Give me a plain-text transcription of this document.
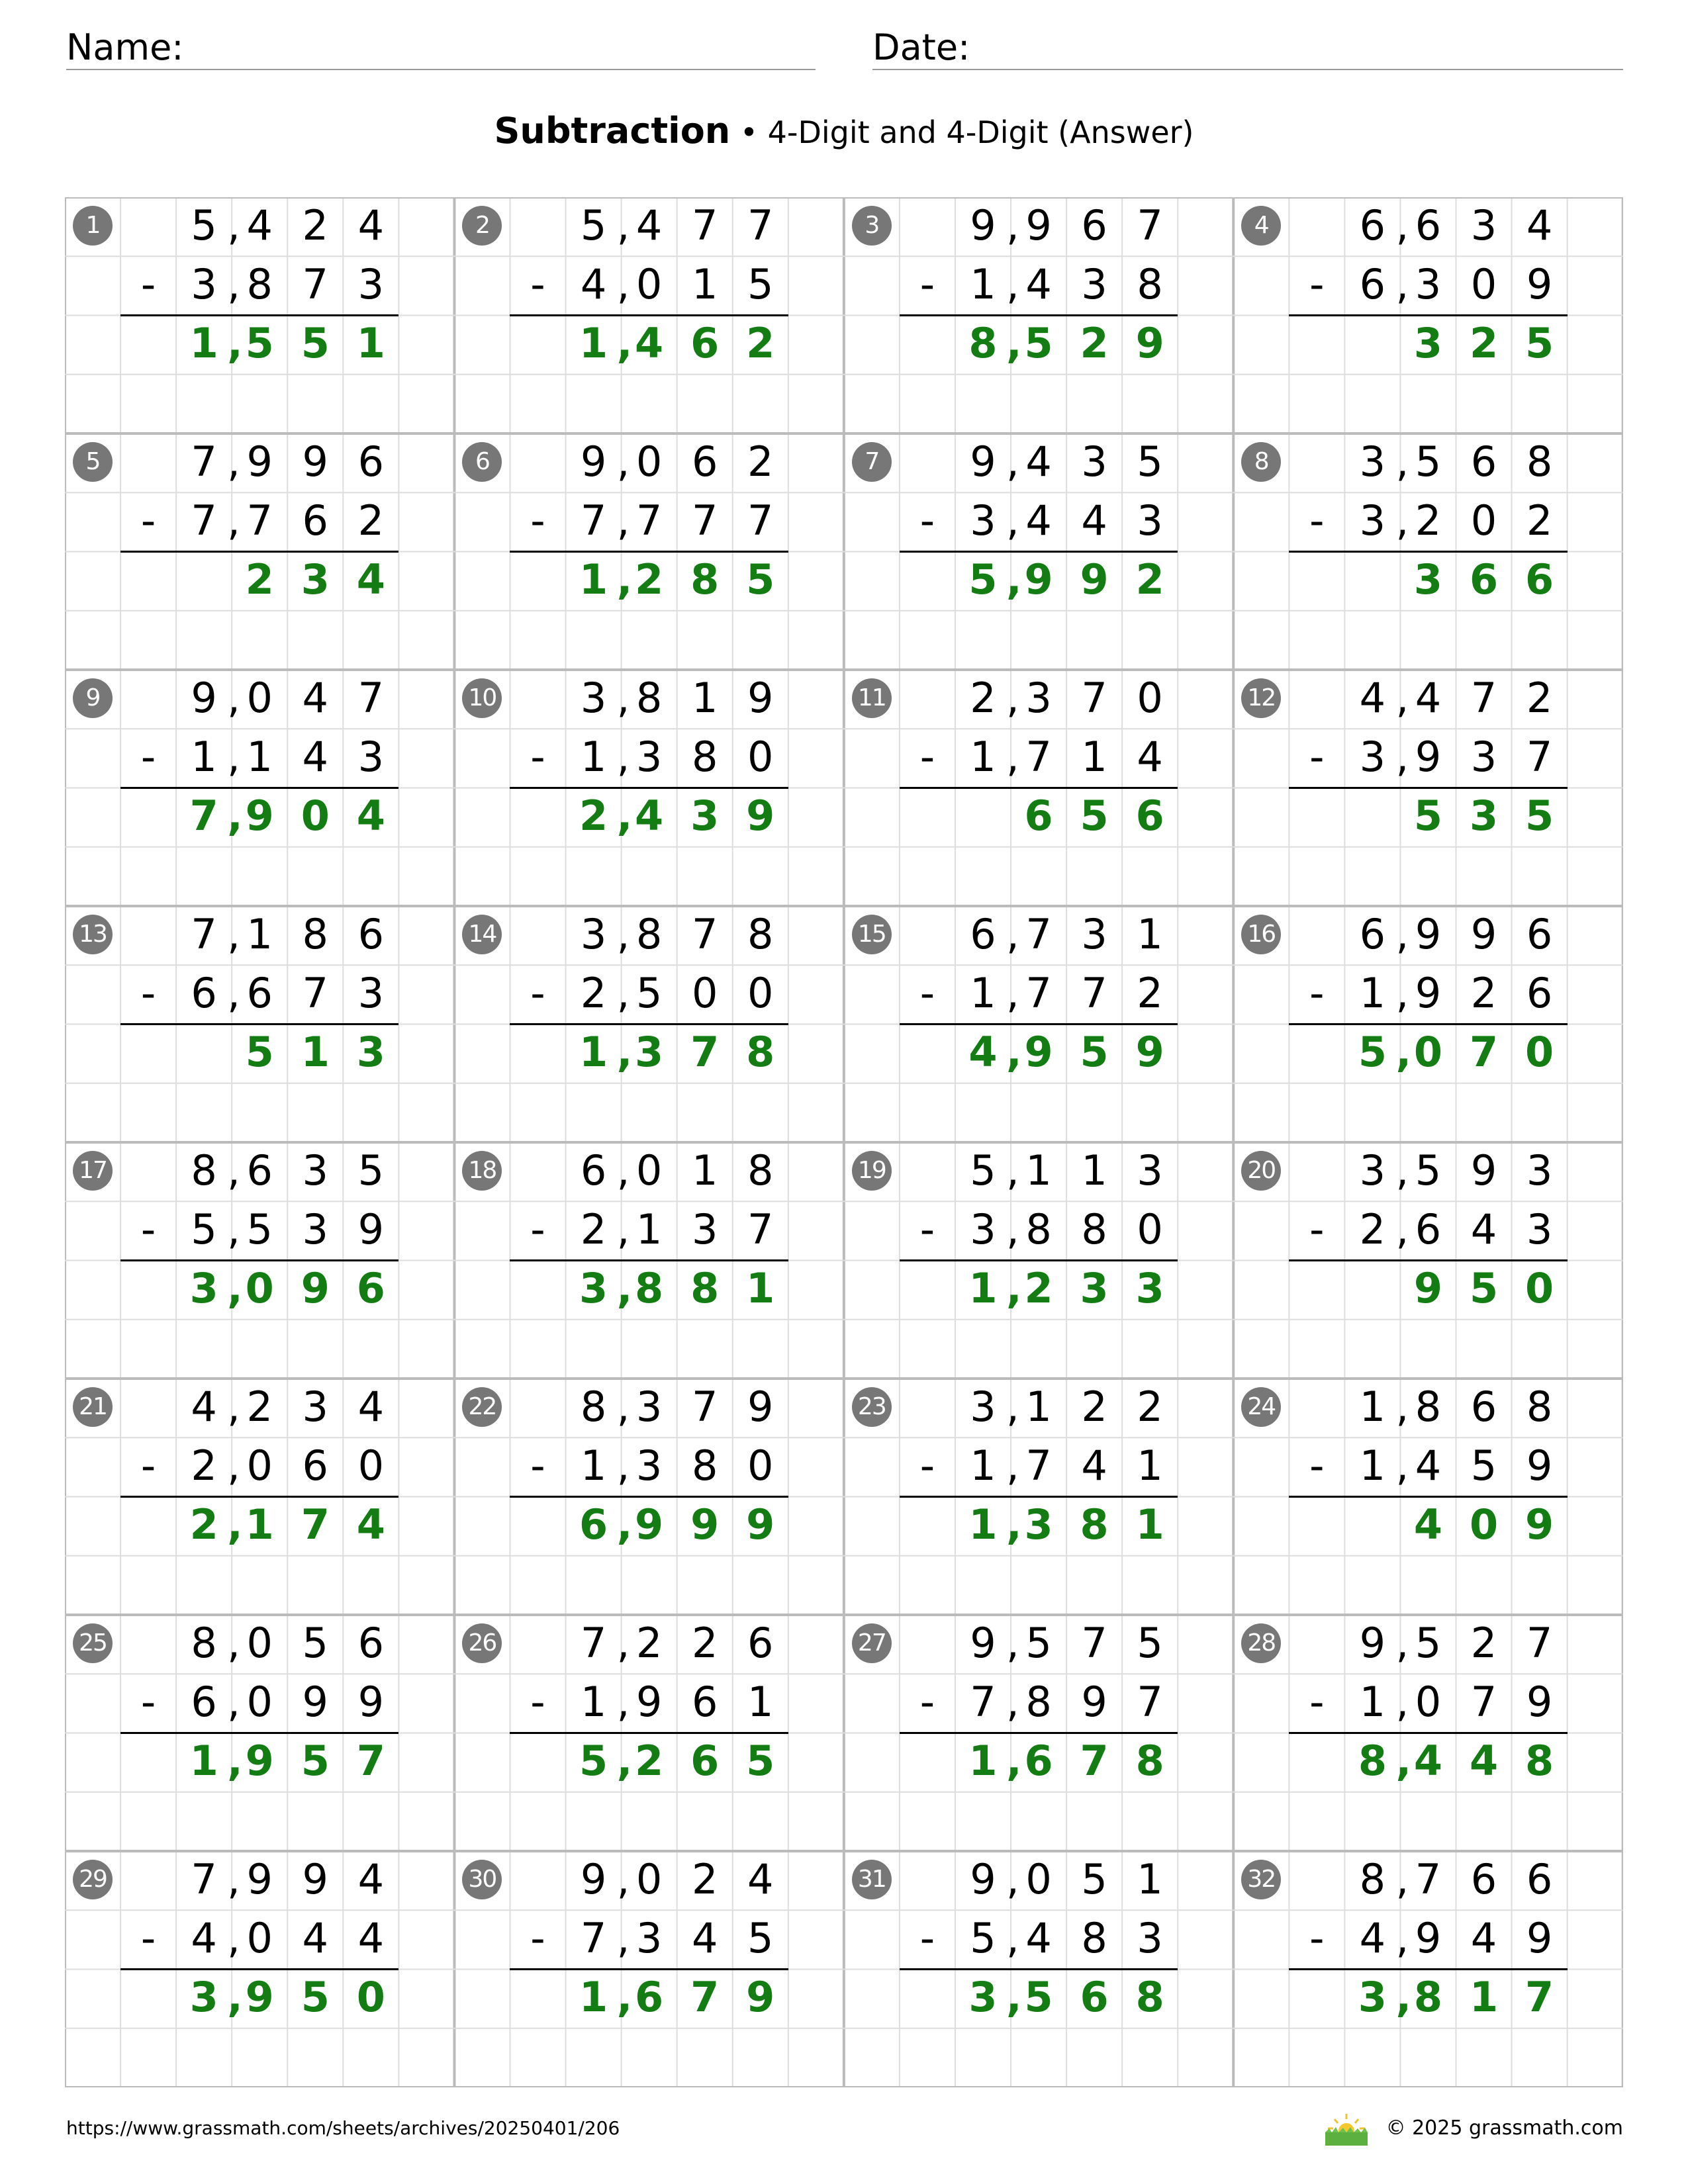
Name:	Date:
Subtraction • 4-Digit and 4-Digit (Answer)
1	5 , 4 2 4
- 3 , 8 7 3
1 , 5 5 1
2	5 , 4 7 7
- 4 , 0 1 5
1 , 4 6 2
3	9 , 9 6 7
- 1 , 4 3 8
8 , 5 2 9
4	6 , 6 3 4
- 6 , 3 0 9
3 2 5
5	7 , 9 9 6
- 7 , 7 6 2
2 3 4
6	9 , 0 6 2
- 7 , 7 7 7
1 , 2 8 5
7	9 , 4 3 5
- 3 , 4 4 3
5 , 9 9 2
8	3 , 5 6 8
- 3 , 2 0 2
3 6 6
9	9 , 0 4 7
- 1 , 1 4 3
7 , 9 0 4
10	3 , 8 1 9
- 1 , 3 8 0
2 , 4 3 9
11	2 , 3 7 0
- 1 , 7 1 4
6 5 6
12	4 , 4 7 2
- 3 , 9 3 7
5 3 5
13	7 , 1 8 6
- 6 , 6 7 3
5 1 3
14	3 , 8 7 8
- 2 , 5 0 0
1 , 3 7 8
15	6 , 7 3 1
- 1 , 7 7 2
4 , 9 5 9
16	6 , 9 9 6
- 1 , 9 2 6
5 , 0 7 0
17	8 , 6 3 5
- 5 , 5 3 9
3 , 0 9 6
18	6 , 0 1 8
- 2 , 1 3 7
3 , 8 8 1
19	5 , 1 1 3
- 3 , 8 8 0
1 , 2 3 3
20	3 , 5 9 3
- 2 , 6 4 3
9 5 0
21	4 , 2 3 4
- 2 , 0 6 0
2 , 1 7 4
22	8 , 3 7 9
- 1 , 3 8 0
6 , 9 9 9
23	3 , 1 2 2
- 1 , 7 4 1
1 , 3 8 1
24	1 , 8 6 8
- 1 , 4 5 9
4 0 9
25	8 , 0 5 6
- 6 , 0 9 9
1 , 9 5 7
26	7 , 2 2 6
- 1 , 9 6 1
5 , 2 6 5
27	9 , 5 7 5
- 7 , 8 9 7
1 , 6 7 8
28	9 , 5 2 7
- 1 , 0 7 9
8 , 4 4 8
29	7 , 9 9 4
- 4 , 0 4 4
3 , 9 5 0
30	9 , 0 2 4
- 7 , 3 4 5
1 , 6 7 9
31	9 , 0 5 1
- 5 , 4 8 3
3 , 5 6 8
32	8 , 7 6 6
- 4 , 9 4 9
3 , 8 1 7
https://www.grassmath.com/sheets/archives/20250401/206	© 2025 grassmath.com
